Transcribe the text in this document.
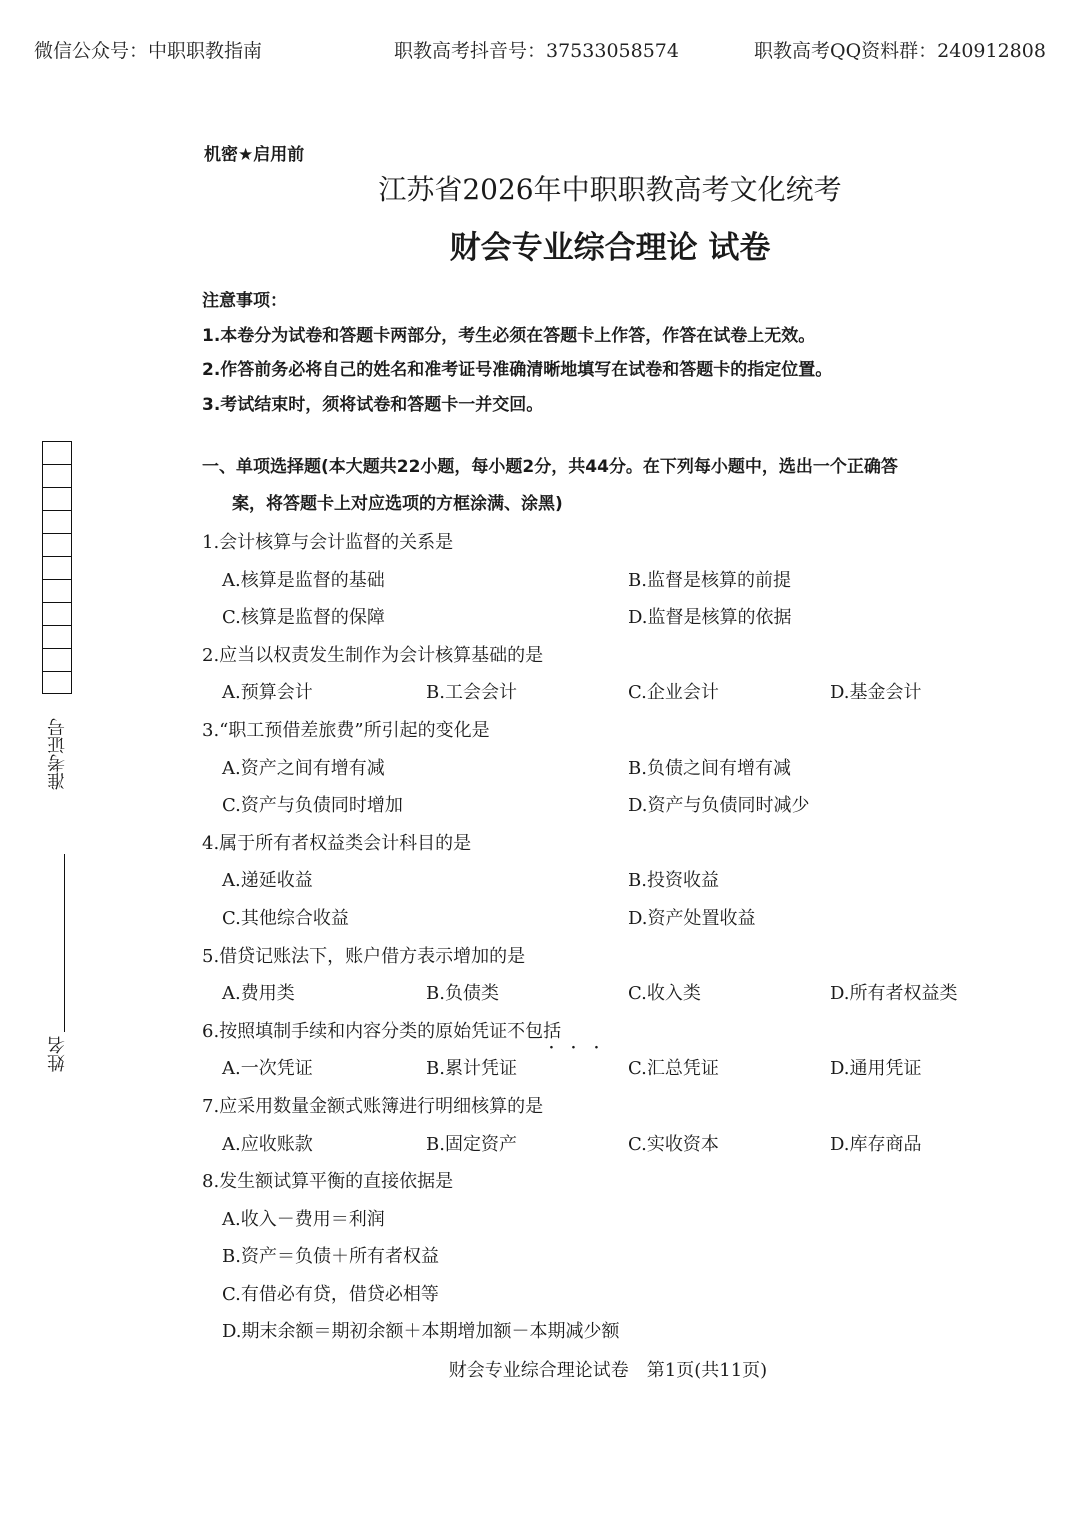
微信公众号：中职职教指南	职教高考抖音号：37533058574	职教高考QQ资料群：240912808
准考证号
姓名
机密★启用前
江苏省2026年中职职教高考文化统考
财会专业综合理论 试卷
注意事项：
1.本卷分为试卷和答题卡两部分，考生必须在答题卡上作答，作答在试卷上无效。
2.作答前务必将自己的姓名和准考证号准确清晰地填写在试卷和答题卡的指定位置。
3.考试结束时，须将试卷和答题卡一并交回。
一、单项选择题(本大题共22小题，每小题2分，共44分。在下列每小题中，选出一个正确答
案，将答题卡上对应选项的方框涂满、涂黑)
1.会计核算与会计监督的关系是
A.核算是监督的基础	B.监督是核算的前提
C.核算是监督的保障	D.监督是核算的依据
2.应当以权责发生制作为会计核算基础的是
A.预算会计	B.工会会计	C.企业会计	D.基金会计
3.“职工预借差旅费”所引起的变化是
A.资产之间有增有减	B.负债之间有增有减
C.资产与负债同时增加	D.资产与负债同时减少
4.属于所有者权益类会计科目的是
A.递延收益	B.投资收益
C.其他综合收益	D.资产处置收益
5.借贷记账法下，账户借方表示增加的是
A.费用类	B.负债类	C.收入类	D.所有者权益类
6.按照填制手续和内容分类的原始凭证不包括
A.一次凭证	B.累计凭证	C.汇总凭证	D.通用凭证
7.应采用数量金额式账簿进行明细核算的是
A.应收账款	B.固定资产	C.实收资本	D.库存商品
8.发生额试算平衡的直接依据是
A.收入－费用＝利润
B.资产＝负债＋所有者权益
C.有借必有贷，借贷必相等
D.期末余额＝期初余额＋本期增加额－本期减少额
· · ·
财会专业综合理论试卷　第1页(共11页)
